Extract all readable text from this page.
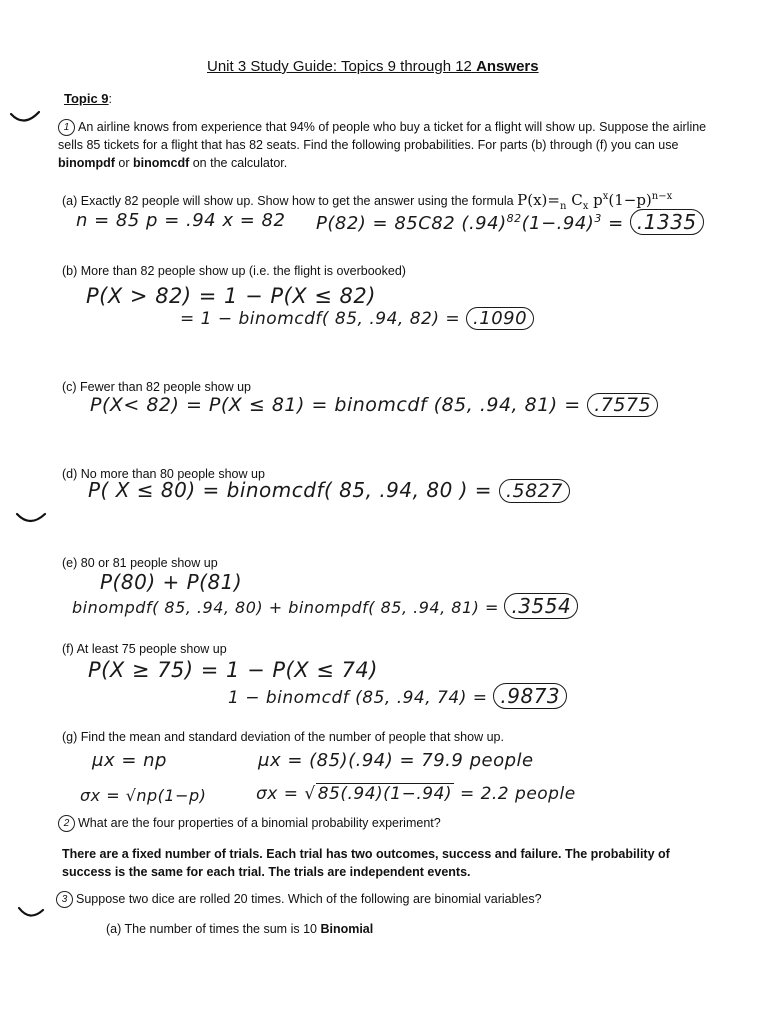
Unit 3 Study Guide: Topics 9 through 12 Answers
Topic 9:
1 An airline knows from experience that 94% of people who buy a ticket for a flight will show up. Suppose the airline sells 85 tickets for a flight that has 82 seats. Find the following probabilities. For parts (b) through (f) you can use binompdf or binomcdf on the calculator.
(a) Exactly 82 people will show up. Show how to get the answer using the formula $P(x)=_n$ $C_x$ $p^x(1-p)^{n-x}$
n = 85 p = .94 x = 82 P(82) = 85C82 $(.94)^{82}(1-.94)^3 = .1335$
(b) More than 82 people show up (i.e. the flight is overbooked)
P(X > 82) = 1 − P(X ≤ 82)
= 1 − binomcdf( 85, .94, 82) = .1090
(c) Fewer than 82 people show up
P(X< 82) = P(X ≤ 81) = binomcdf (85, .94, 81) = .7575
(d) No more than 80 people show up
P( X ≤ 80) = binomcdf( 85, .94, 80 ) = .5827
(e) 80 or 81 people show up
P(80) + P(81)
binompdf( 85, .94, 80) + binompdf( 85, .94, 81) = .3554
(f) At least 75 people show up
P(X ≥ 75) = 1 − P(X ≤ 74)
1 − binomcdf (85, .94, 74) = .9873
(g) Find the mean and standard deviation of the number of people that show up.
μx = np	μx = (85)(.94) = 79.9 people
σx = √np(1−p)	σx = √ 85(.94)(1−.94) = 2.2 people
2 What are the four properties of a binomial probability experiment?
There are a fixed number of trials. Each trial has two outcomes, success and failure. The probability of success is the same for each trial. The trials are independent events.
3 Suppose two dice are rolled 20 times. Which of the following are binomial variables?
(a) The number of times the sum is 10 Binomial
